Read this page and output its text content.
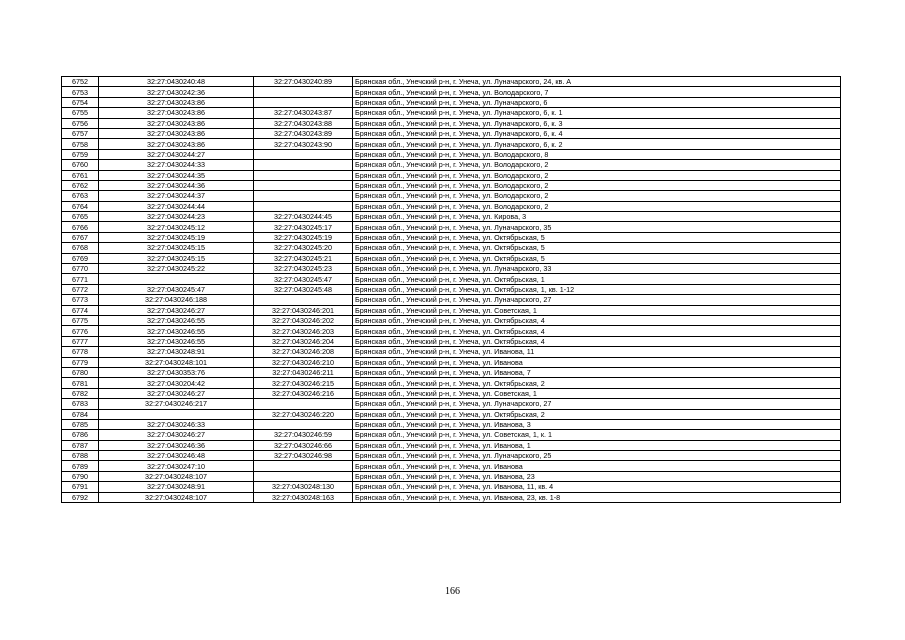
6752	32:27:0430240:48	32:27:0430240:89	Брянская обл., Унечский р-н, г. Унеча, ул. Луначарского, 24, кв. А
6753	32:27:0430242:36		Брянская обл., Унечский р-н, г. Унеча, ул. Володарского, 7
6754	32:27:0430243:86		Брянская обл., Унечский р-н, г. Унеча, ул. Луначарского, 6
6755	32:27:0430243:86	32:27:0430243:87	Брянская обл., Унечский р-н, г. Унеча, ул. Луначарского, 6, к. 1
6756	32:27:0430243:86	32:27:0430243:88	Брянская обл., Унечский р-н, г. Унеча, ул. Луначарского, 6, к. 3
6757	32:27:0430243:86	32:27:0430243:89	Брянская обл., Унечский р-н, г. Унеча, ул. Луначарского, 6, к. 4
6758	32:27:0430243:86	32:27:0430243:90	Брянская обл., Унечский р-н, г. Унеча, ул. Луначарского, 6, к. 2
6759	32:27:0430244:27		Брянская обл., Унечский р-н, г. Унеча, ул. Володарского, 8
6760	32:27:0430244:33		Брянская обл., Унечский р-н, г. Унеча, ул. Володарского, 2
6761	32:27:0430244:35		Брянская обл., Унечский р-н, г. Унеча, ул. Володарского, 2
6762	32:27:0430244:36		Брянская обл., Унечский р-н, г. Унеча, ул. Володарского, 2
6763	32:27:0430244:37		Брянская обл., Унечский р-н, г. Унеча, ул. Володарского, 2
6764	32:27:0430244:44		Брянская обл., Унечский р-н, г. Унеча, ул. Володарского, 2
6765	32:27:0430244:23	32:27:0430244:45	Брянская обл., Унечский р-н, г. Унеча, ул. Кирова, 3
6766	32:27:0430245:12	32:27:0430245:17	Брянская обл., Унечский р-н, г. Унеча, ул. Луначарского, 35
6767	32:27:0430245:19	32:27:0430245:19	Брянская обл., Унечский р-н, г. Унеча, ул. Октябрьская, 5
6768	32:27:0430245:15	32:27:0430245:20	Брянская обл., Унечский р-н, г. Унеча, ул. Октябрьская, 5
6769	32:27:0430245:15	32:27:0430245:21	Брянская обл., Унечский р-н, г. Унеча, ул. Октябрьская, 5
6770	32:27:0430245:22	32:27:0430245:23	Брянская обл., Унечский р-н, г. Унеча, ул. Луначарского, 33
6771		32:27:0430245:47	Брянская обл., Унечский р-н, г. Унеча, ул. Октябрьская, 1
6772	32:27:0430245:47	32:27:0430245:48	Брянская обл., Унечский р-н, г. Унеча, ул. Октябрьская, 1, кв. 1-12
6773	32:27:0430246:188		Брянская обл., Унечский р-н, г. Унеча, ул. Луначарского, 27
6774	32:27:0430246:27	32:27:0430246:201	Брянская обл., Унечский р-н, г. Унеча, ул. Советская, 1
6775	32:27:0430246:55	32:27:0430246:202	Брянская обл., Унечский р-н, г. Унеча, ул. Октябрьская, 4
6776	32:27:0430246:55	32:27:0430246:203	Брянская обл., Унечский р-н, г. Унеча, ул. Октябрьская, 4
6777	32:27:0430246:55	32:27:0430246:204	Брянская обл., Унечский р-н, г. Унеча, ул. Октябрьская, 4
6778	32:27:0430248:91	32:27:0430246:208	Брянская обл., Унечский р-н, г. Унеча, ул. Иванова, 11
6779	32:27:0430248:101	32:27:0430246:210	Брянская обл., Унечский р-н, г. Унеча, ул. Иванова
6780	32:27:0430353:76	32:27:0430246:211	Брянская обл., Унечский р-н, г. Унеча, ул. Иванова, 7
6781	32:27:0430204:42	32:27:0430246:215	Брянская обл., Унечский р-н, г. Унеча, ул. Октябрьская, 2
6782	32:27:0430246:27	32:27:0430246:216	Брянская обл., Унечский р-н, г. Унеча, ул. Советская, 1
6783	32:27:0430246:217		Брянская обл., Унечский р-н, г. Унеча, ул. Луначарского, 27
6784		32:27:0430246:220	Брянская обл., Унечский р-н, г. Унеча, ул. Октябрьская, 2
6785	32:27:0430246:33		Брянская обл., Унечский р-н, г. Унеча, ул. Иванова, 3
6786	32:27:0430246:27	32:27:0430246:59	Брянская обл., Унечский р-н, г. Унеча, ул. Советская, 1, к. 1
6787	32:27:0430246:36	32:27:0430246:66	Брянская обл., Унечский р-н, г. Унеча, ул. Иванова, 1
6788	32:27:0430246:48	32:27:0430246:98	Брянская обл., Унечский р-н, г. Унеча, ул. Луначарского, 25
6789	32:27:0430247:10		Брянская обл., Унечский р-н, г. Унеча, ул. Иванова
6790	32:27:0430248:107		Брянская обл., Унечский р-н, г. Унеча, ул. Иванова, 23
6791	32:27:0430248:91	32:27:0430248:130	Брянская обл., Унечский р-н, г. Унеча, ул. Иванова, 11, кв. 4
6792	32:27:0430248:107	32:27:0430248:163	Брянская обл., Унечский р-н, г. Унеча, ул. Иванова, 23, кв. 1-8
166
